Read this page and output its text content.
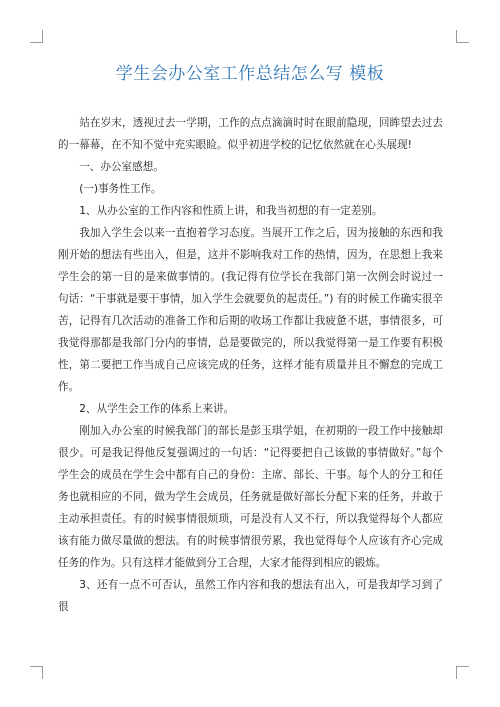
学生会办公室工作总结怎么写 模板

站在岁末，透视过去一学期，工作的点点滴滴时时在眼前隐现，回眸望去过去的一幕幕，在不知不觉中充实眼睑。似乎初进学校的记忆依然就在心头展现!

一、办公室感想。

(一)事务性工作。

1、从办公室的工作内容和性质上讲，和我当初想的有一定差别。

我加入学生会以来一直抱着学习态度。当展开工作之后，因为接触的东西和我刚开始的想法有些出入，但是，这并不影响我对工作的热情，因为，在思想上我来学生会的第一目的是来做事情的。(我记得有位学长在我部门第一次例会时说过一句话：“干事就是要干事情，加入学生会就要负的起责任。”) 有的时候工作确实很辛苦，记得有几次活动的准备工作和后期的收场工作都让我疲惫不堪，事情很多，可我觉得那都是我部门分内的事情，总是要做完的，所以我觉得第一是工作要有积极性，第二要把工作当成自己应该完成的任务，这样才能有质量并且不懈怠的完成工作。

2、从学生会工作的体系上来讲。

刚加入办公室的时候我部门的部长是彭玉琪学姐，在初期的一段工作中接触却很少。可是我记得他反复强调过的一句话：“记得要把自己该做的事情做好。”每个学生会的成员在学生会中都有自己的身份：主席、部长、干事。每个人的分工和任务也就相应的不同，做为学生会成员，任务就是做好部长分配下来的任务，并敢于主动承担责任。有的时候事情很烦琐，可是没有人又不行，所以我觉得每个人都应该有能力做尽量做的想法。有的时候事情很劳累，我也觉得每个人应该有齐心完成任务的作为。只有这样才能做到分工合理，大家才能得到相应的锻炼。

3、还有一点不可否认，虽然工作内容和我的想法有出入，可是我却学习到了很
